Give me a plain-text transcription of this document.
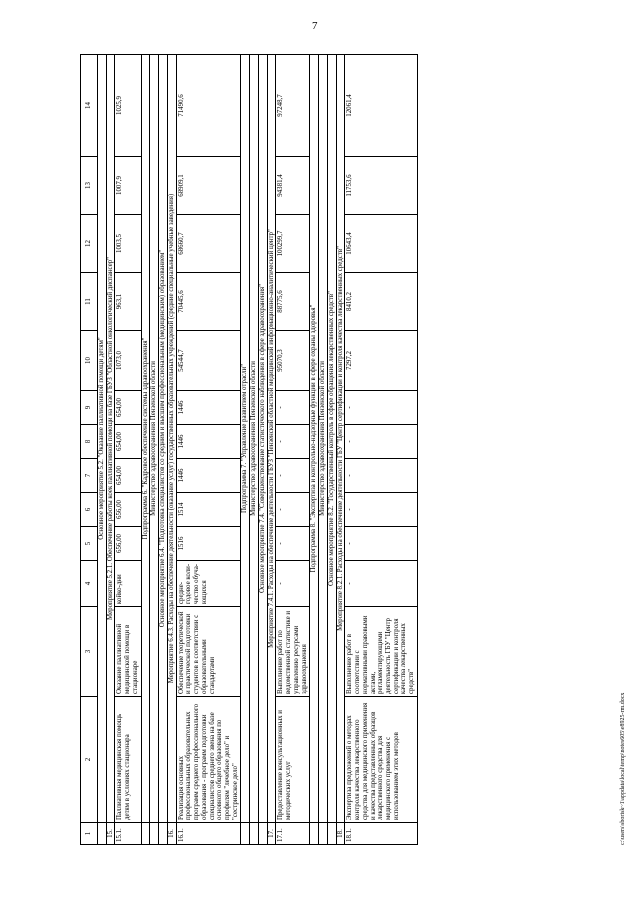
7
1	2	3	4	5	6	7	8	9	10	11	12	13	14
	Основное мероприятие 5.2. "Оказание паллиативной помощи детям"												
15.	Мероприятие 5.2.1. Обеспечение работы коек паллиативной помощи на базе ГБУЗ "Областной онкологический диспансер"												
15.1.	Паллиативная медицинская помощь детям в условиях стационара	Оказание паллиативной медицинской помощи в стационаре	койко-дни	656,00	656,00	654,00	654,00	654,00	1073,0	963,1	1003,5	1007,9	1025,9
	Подпрограмма 6. "Кадровое обеспечение системы здравоохранения"												
	Министерство здравоохранения Пензенской области												
	Основное мероприятие 6.4. "Подготовка специалистов со средним и высшим профессиональным (медицинским) образованием"												
16.	Мероприятие 6.4.3. Расходы на обеспечение деятельности (оказание услуг) государственных образовательных учреждений (средние специальные учебные заведения)												
16.1.	Реализация основных профессиональных образовательных программ среднего профессионального образования - программ подготовки специалистов среднего звена на базе основного общего образования по профилям "лечебное дело" и "сестринское дело"	Обеспечение теоретической и практической подготовки студентов в соответствии с образовательными стандартами	средне-годовое коли-чество обуча-ющихся	1516	1514	1446	1446	1446	54544,7	70445,6	68660,7	68909,1	71490,6
	Подпрограмма 7. "Управление развитием отрасли"												
	Министерство здравоохранения Пензенской области												
	Основное мероприятие 7.4. "Совершенствование статистического наблюдения в сфере здравоохранения"												
17.	Мероприятие 7.4.1. Расходы на обеспечение деятельности ГБУЗ "Пензенский областной медицинский информационно-аналитический центр"												
17.1.	Предоставление консультационных и методических услуг	Выполнение работ по ведомственной статистике и управлению ресурсами здравоохранения	-	-	-	-	-	-	95070,3	88775,6	100299,7	94381,4	97248,7
	Подпрограмма 8. "Экспертиза и контрольно-надзорные функции в сфере охраны здоровья"												
	Министерство здравоохранения Пензенской области												
	Основное мероприятие 8.2. "Государственный контроль в сфере обращения лекарственных средств"												
18.	Мероприятие 8.2.1. Расходы на обеспечение деятельности ГБУ "Центр сертификации и контроля качества лекарственных средств"												
18.1.	Экспертиза предложений о методах контроля качества лекарственного средства для медицинского применения и качества представленных образцов лекарственного средства для медицинского применения с использованием этих методов	Выполнение работ в соответствии с нормативными правовыми актами, регламентирующими деятельность ГБУ "Центр сертификации и контроля качества лекарственных средств"	-	-	-	-	-	-	7297,2	8410,2	10643,4	11753,6	12061,4
c:\users\sborisk~1\appdata\local\temp\notes605\e8925-rm.docx
